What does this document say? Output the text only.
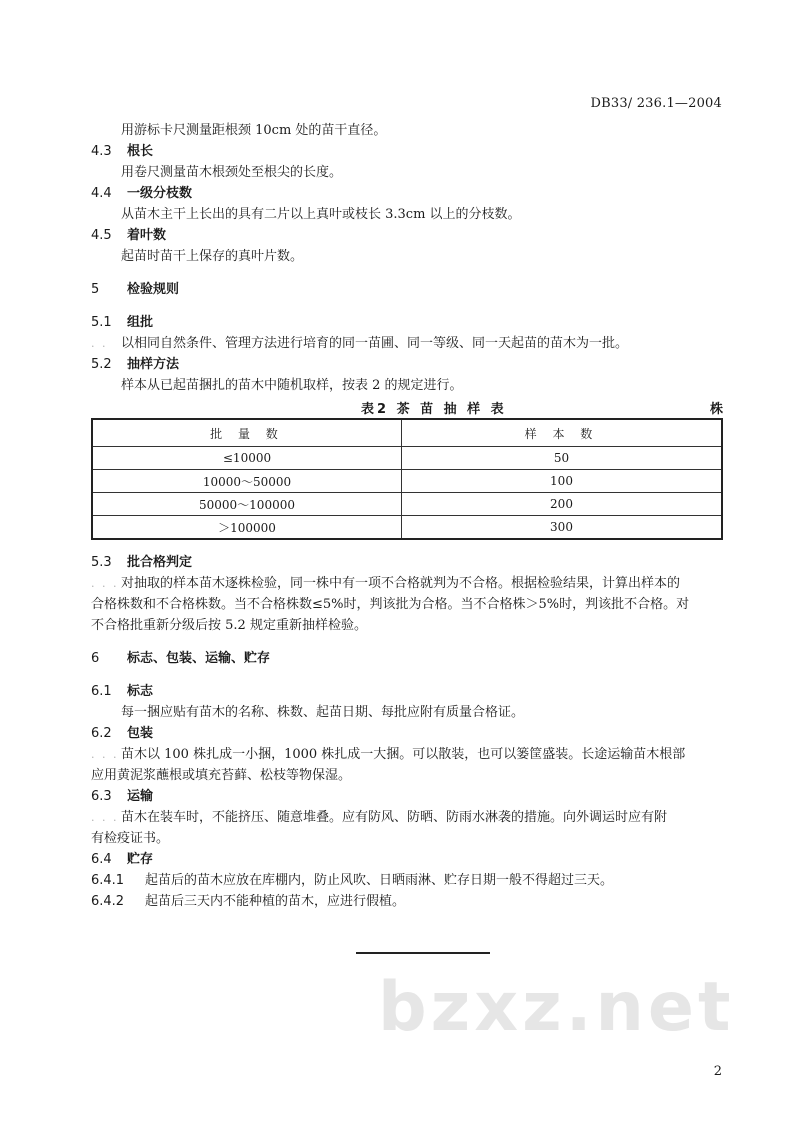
DB33/ 236.1—2004

用游标卡尺测量距根颈 10cm 处的苗干直径。

4.3	根长

用卷尺测量苗木根颈处至根尖的长度。

4.4	一级分枝数

从苗木主干上长出的具有二片以上真叶或枝长 3.3cm 以上的分枝数。

4.5	着叶数

起苗时苗干上保存的真叶片数。

5	检验规则
5.1	组批

. . 以相同自然条件、管理方法进行培育的同一苗圃、同一等级、同一天起苗的苗木为一批。

5.2	抽样方法

样本从已起苗捆扎的苗木中随机取样，按表 2 的规定进行。

表2 茶 苗 抽 样 表	株
批 量 数	样 本 数
≤10000	50
10000～50000	100
50000～100000	200
＞100000	300
5.3	批合格判定

. . . 对抽取的样本苗木逐株检验，同一株中有一项不合格就判为不合格。根据检验结果，计算出样本的

合格株数和不合格株数。当不合格株数≤5%时，判该批为合格。当不合格株＞5%时，判该批不合格。对

不合格批重新分级后按 5.2 规定重新抽样检验。

6	标志、包装、运输、贮存
6.1	标志

每一捆应贴有苗木的名称、株数、起苗日期、每批应附有质量合格证。

6.2	包装

. . . 苗木以 100 株扎成一小捆，1000 株扎成一大捆。可以散装，也可以篓筐盛装。长途运输苗木根部

应用黄泥浆蘸根或填充苔藓、松枝等物保湿。

6.3	运输

. . . 苗木在装车时，不能挤压、随意堆叠。应有防风、防晒、防雨水淋袭的措施。向外调运时应有附

有检疫证书。

6.4	贮存
6.4.1	起苗后的苗木应放在库棚内，防止风吹、日晒雨淋、贮存日期一般不得超过三天。
6.4.2	起苗后三天内不能种植的苗木，应进行假植。
bzxz.net
2
